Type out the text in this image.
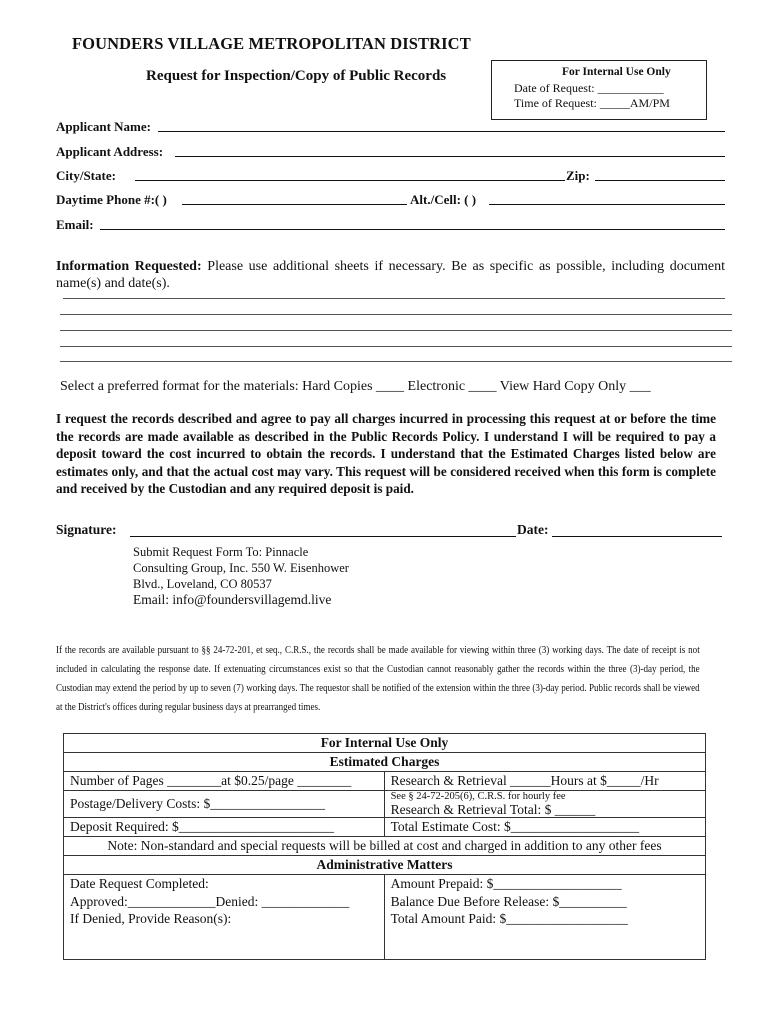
FOUNDERS VILLAGE METROPOLITAN DISTRICT
Request for Inspection/Copy of Public Records	For Internal Use Only
Date of Request: ___________
Time of Request: _____AM/PM
Applicant Name:
Applicant Address:
City/State:	Zip:
Daytime Phone #:( )	Alt./Cell: ( )
Email:
Information Requested: Please use additional sheets if necessary. Be as specific as possible, including document name(s) and date(s).
Select a preferred format for the materials: Hard Copies ____ Electronic ____ View Hard Copy Only ___
I request the records described and agree to pay all charges incurred in processing this request at or before the time the records are made available as described in the Public Records Policy. I understand I will be required to pay a deposit toward the cost incurred to obtain the records. I understand that the Estimated Charges listed below are estimates only, and that the actual cost may vary. This request will be considered received when this form is complete and received by the Custodian and any required deposit is paid.
Signature:	Date:
Submit Request Form To: Pinnacle
Consulting Group, Inc. 550 W. Eisenhower
Blvd., Loveland, CO 80537
Email: info@foundersvillagemd.live
If the records are available pursuant to §§ 24-72-201, et seq., C.R.S., the records shall be made available for viewing within three (3) working days. The date of receipt is not included in calculating the response date. If extenuating circumstances exist so that the Custodian cannot reasonably gather the records within the three (3)-day period, the Custodian may extend the period by up to seven (7) working days. The requestor shall be notified of the extension within the three (3)-day period. Public records shall be viewed at the District's offices during regular business days at prearranged times.
For Internal Use Only	
Estimated Charges	
Number of Pages ________at $0.25/page ________	Research & Retrieval ______Hours at $_____/Hr
Postage/Delivery Costs: $_________________	See § 24-72-205(6), C.R.S. for hourly fee
Research & Retrieval Total: $ ______
Deposit Required: $_______________________	Total Estimate Cost: $___________________
Note: Non-standard and special requests will be billed at cost and charged in addition to any other fees	
Administrative Matters	
Date Request Completed:	Amount Prepaid: $___________________
Approved:_____________Denied: _____________	Balance Due Before Release: $__________
If Denied, Provide Reason(s):	Total Amount Paid: $__________________
